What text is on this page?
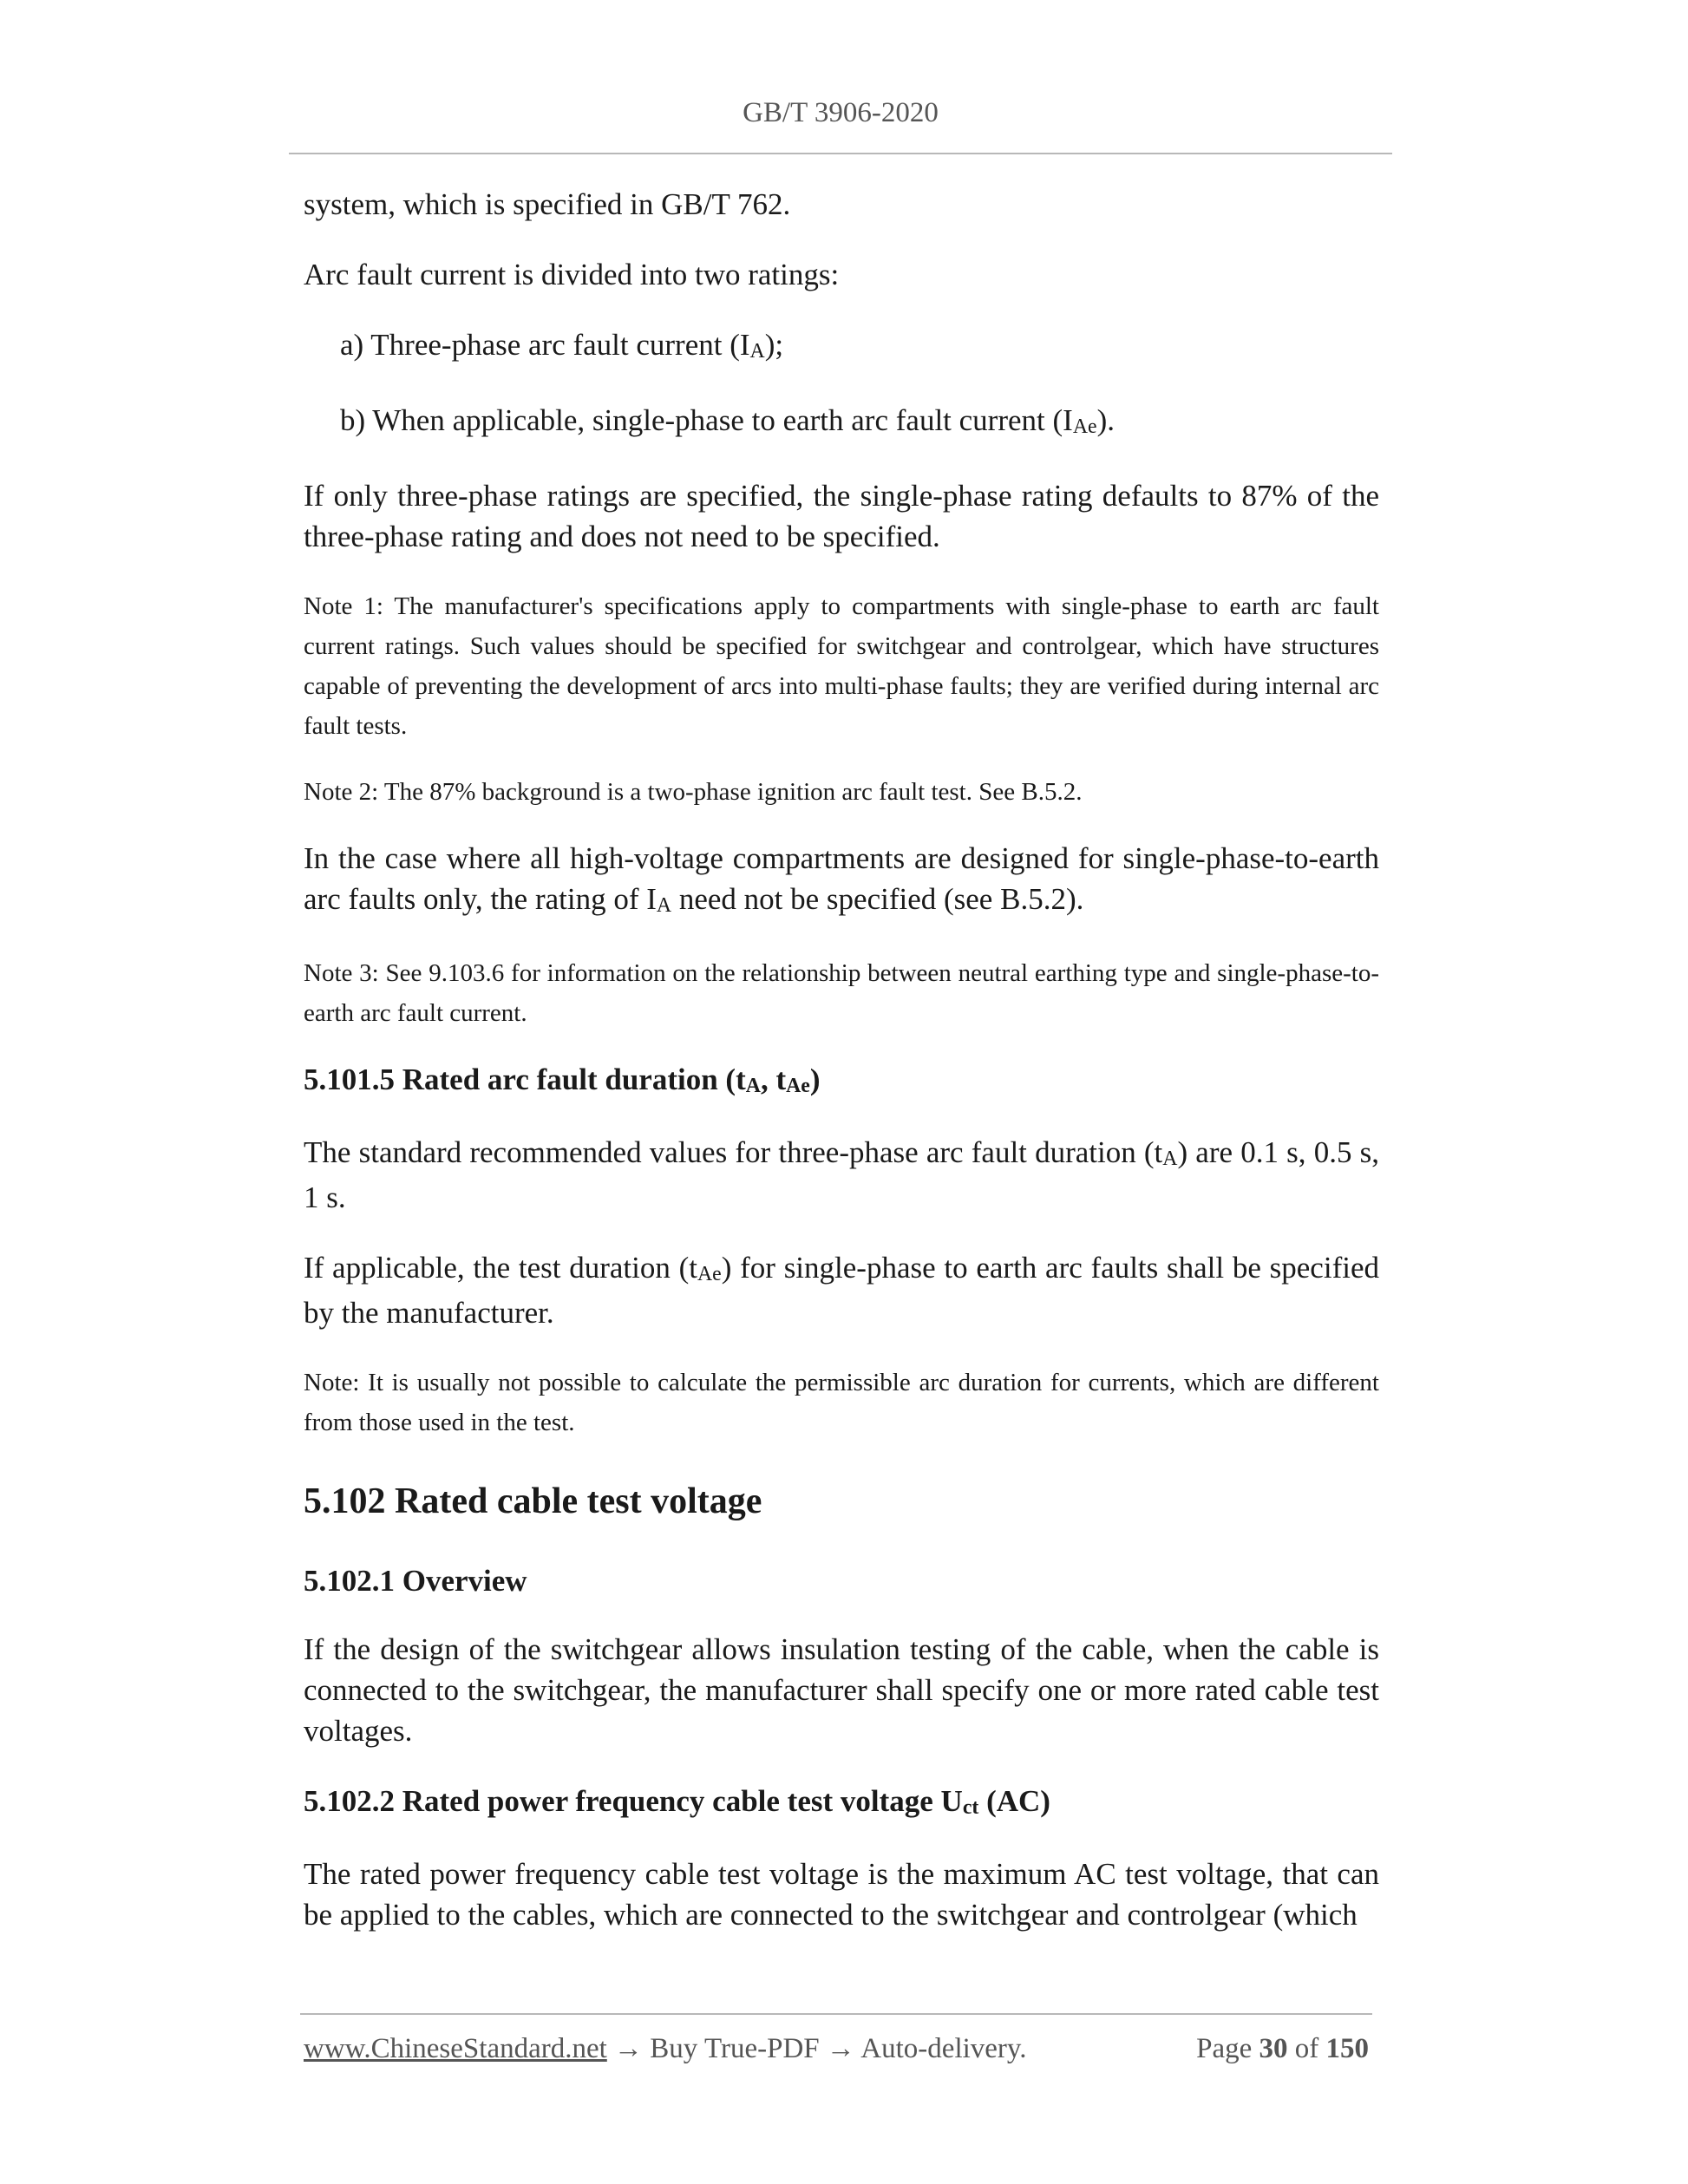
GB/T 3906-2020

system, which is specified in GB/T 762.

Arc fault current is divided into two ratings:

a) Three-phase arc fault current $(I_A)$;

b) When applicable, single-phase to earth arc fault current $(I_{Ae})$.

If only three-phase ratings are specified, the single-phase rating defaults to 87% of the three-phase rating and does not need to be specified.

Note 1: The manufacturer's specifications apply to compartments with single-phase to earth arc fault current ratings. Such values should be specified for switchgear and controlgear, which have structures capable of preventing the development of arcs into multi-phase faults; they are verified during internal arc fault tests.

Note 2: The 87% background is a two-phase ignition arc fault test. See B.5.2.

In the case where all high-voltage compartments are designed for single-phase-to-earth arc faults only, the rating of $I_A$ need not be specified (see B.5.2).

Note 3: See 9.103.6 for information on the relationship between neutral earthing type and single-phase-to-earth arc fault current.

5.101.5 Rated arc fault duration ($t_A$, $t_{Ae}$)

The standard recommended values for three-phase arc fault duration $(t_A)$ are 0.1 s, 0.5 s, 1 s.

If applicable, the test duration $(t_{Ae})$ for single-phase to earth arc faults shall be specified by the manufacturer.

Note: It is usually not possible to calculate the permissible arc duration for currents, which are different from those used in the test.

5.102 Rated cable test voltage

5.102.1 Overview

If the design of the switchgear allows insulation testing of the cable, when the cable is connected to the switchgear, the manufacturer shall specify one or more rated cable test voltages.

5.102.2 Rated power frequency cable test voltage $U_{ct}$ (AC)

The rated power frequency cable test voltage is the maximum AC test voltage, that can be applied to the cables, which are connected to the switchgear and controlgear (which

www.ChineseStandard.net → Buy True-PDF → Auto-delivery.	Page 30 of 150
